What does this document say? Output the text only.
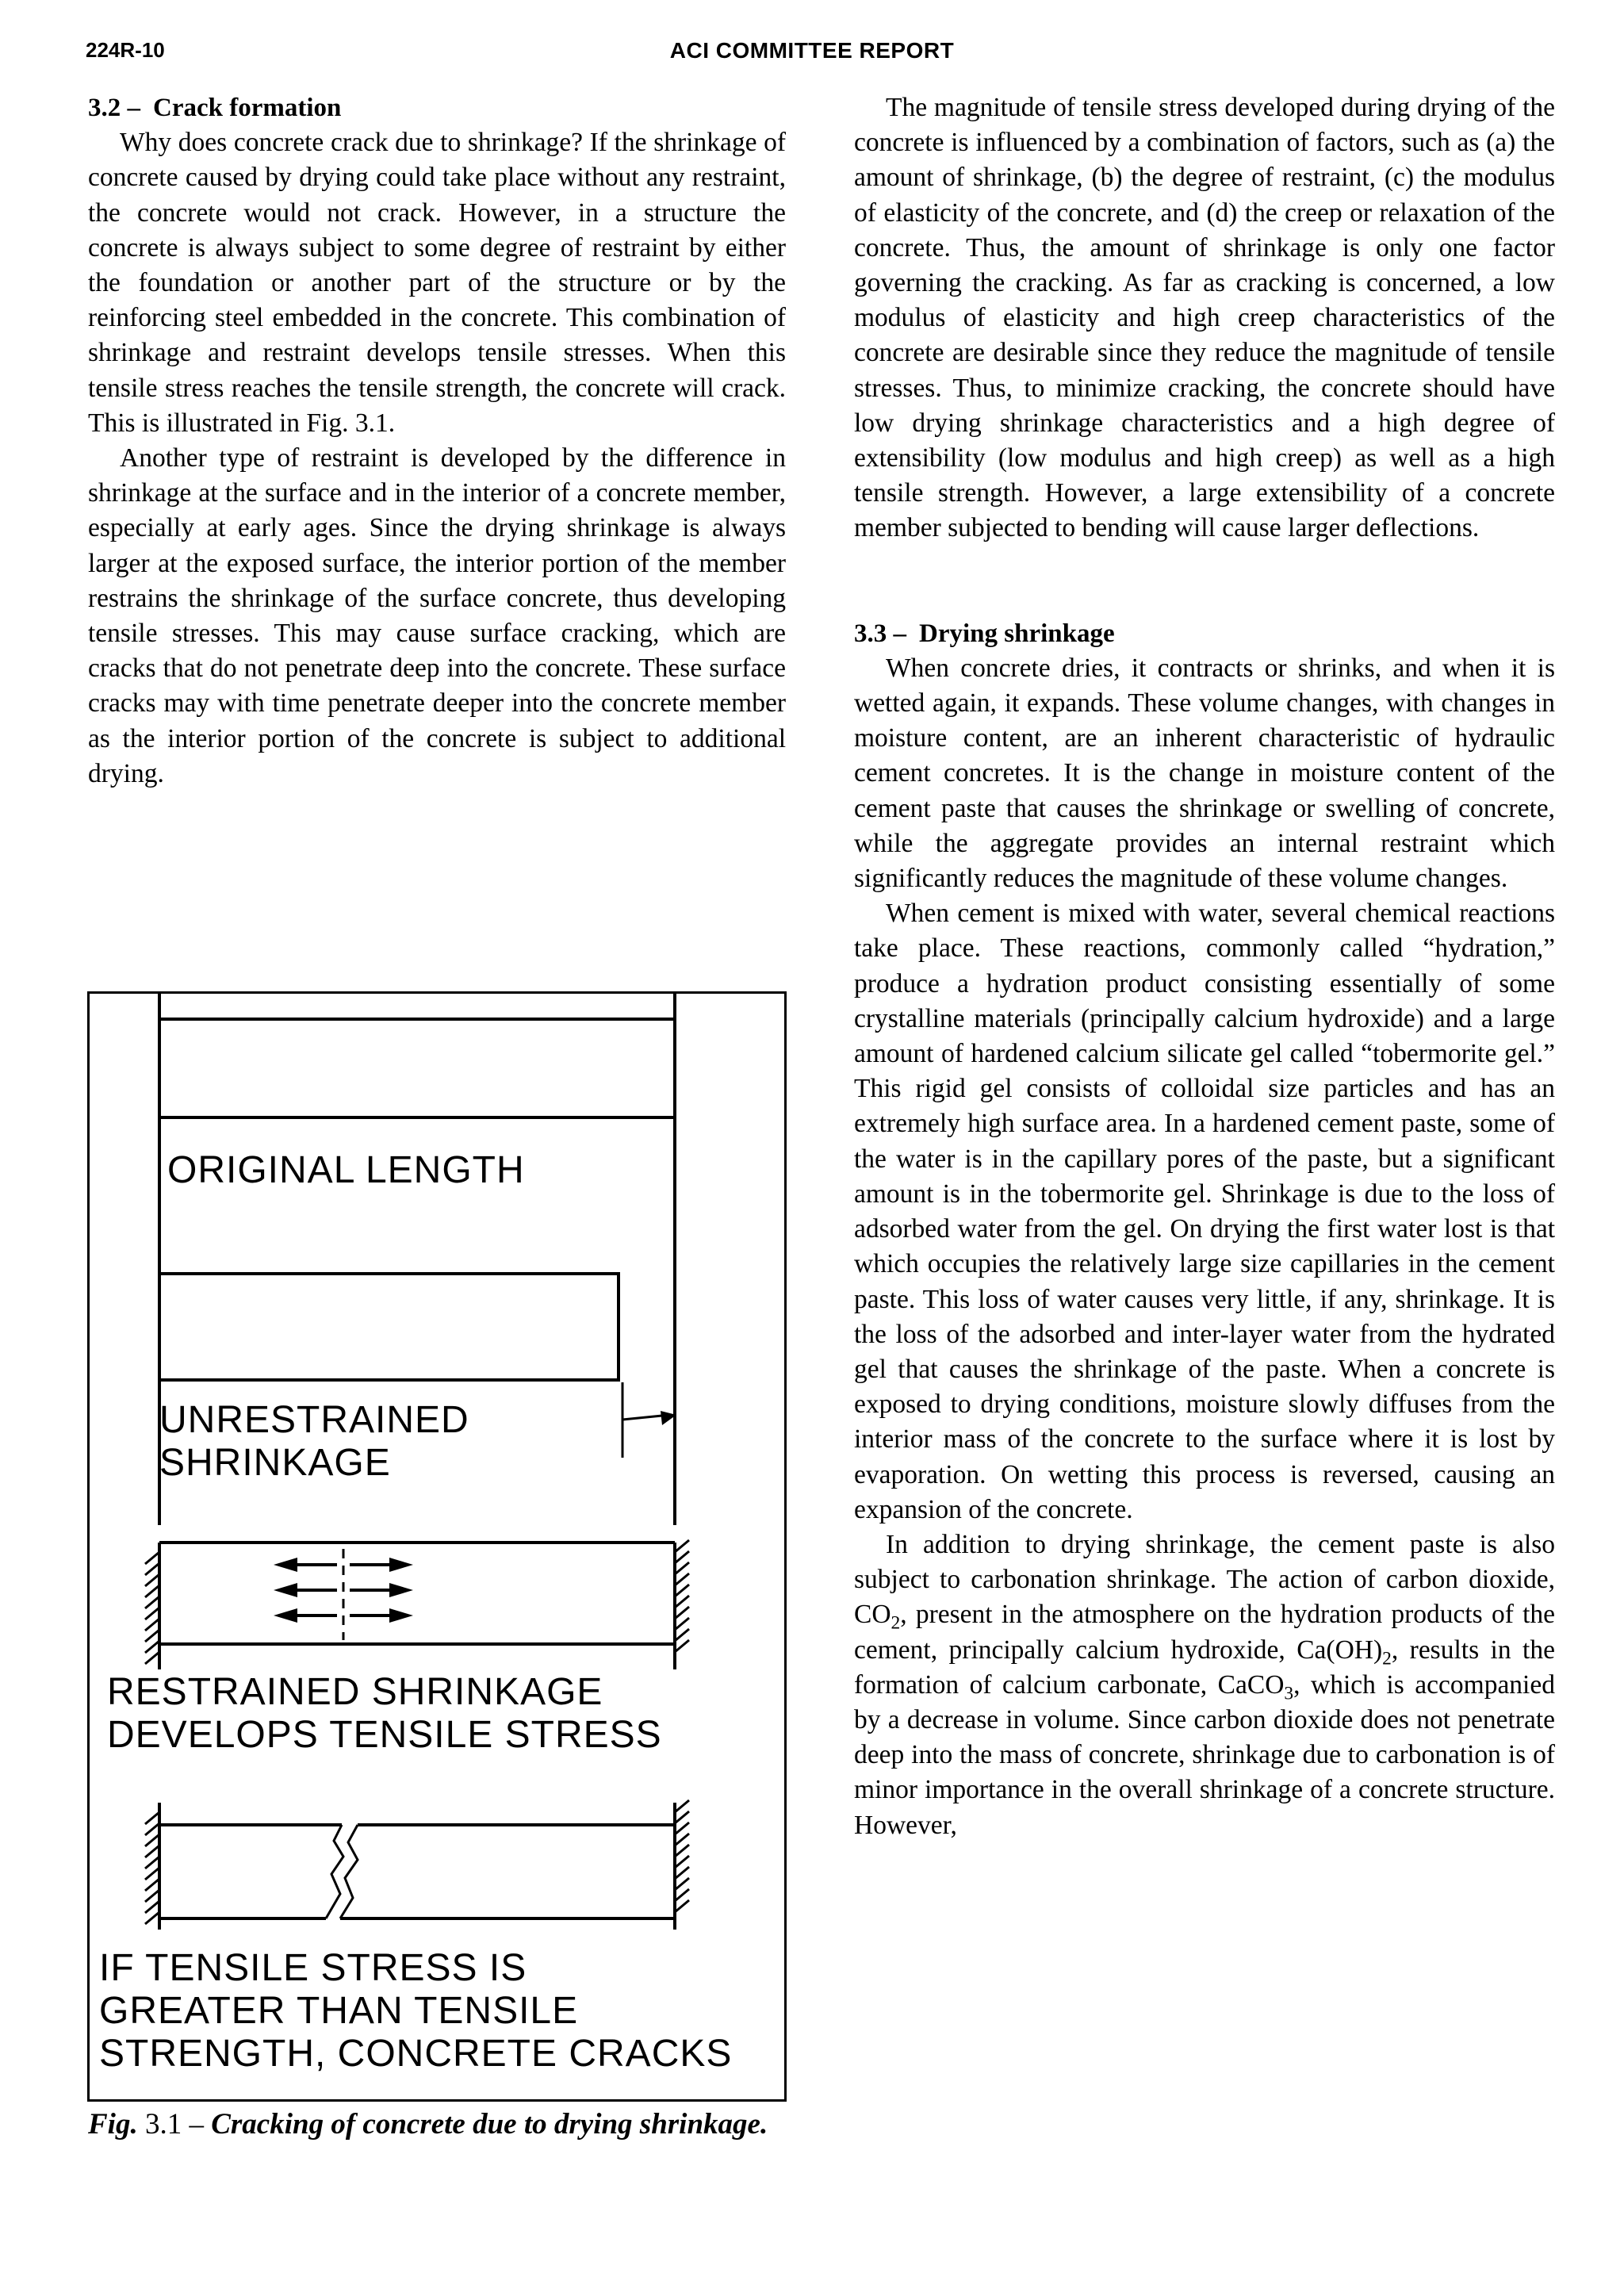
224R-10	ACI COMMITTEE REPORT
3.2 – Crack formation

Why does concrete crack due to shrinkage? If the shrinkage of concrete caused by drying could take place without any restraint, the concrete would not crack. However, in a structure the concrete is always subject to some degree of restraint by either the foundation or another part of the structure or by the reinforcing steel embedded in the concrete. This combination of shrinkage and restraint develops tensile stresses. When this tensile stress reaches the tensile strength, the concrete will crack. This is illustrated in Fig. 3.1.

Another type of restraint is developed by the difference in shrinkage at the surface and in the interior of a concrete member, especially at early ages. Since the drying shrinkage is always larger at the exposed surface, the interior portion of the member restrains the shrinkage of the surface concrete, thus developing tensile stresses. This may cause surface cracking, which are cracks that do not penetrate deep into the concrete. These surface cracks may with time penetrate deeper into the concrete member as the interior portion of the concrete is subject to additional drying.

ORIGINAL LENGTH
UNRESTRAINED
SHRINKAGE
RESTRAINED SHRINKAGE
DEVELOPS TENSILE STRESS
IF TENSILE STRESS IS
GREATER THAN TENSILE
STRENGTH, CONCRETE CRACKS
Fig. 3.1 – Cracking of concrete due to drying shrinkage.

The magnitude of tensile stress developed during drying of the concrete is influenced by a combination of factors, such as (a) the amount of shrinkage, (b) the degree of restraint, (c) the modulus of elasticity of the concrete, and (d) the creep or relaxation of the concrete. Thus, the amount of shrinkage is only one factor governing the cracking. As far as cracking is concerned, a low modulus of elasticity and high creep characteristics of the concrete are desirable since they reduce the magnitude of tensile stresses. Thus, to minimize cracking, the concrete should have low drying shrinkage characteristics and a high degree of extensibility (low modulus and high creep) as well as a high tensile strength. However, a large extensibility of a concrete member subjected to bending will cause larger deflections.

3.3 – Drying shrinkage

When concrete dries, it contracts or shrinks, and when it is wetted again, it expands. These volume changes, with changes in moisture content, are an inherent characteristic of hydraulic cement concretes. It is the change in moisture content of the cement paste that causes the shrinkage or swelling of concrete, while the aggregate provides an internal restraint which significantly reduces the magnitude of these volume changes.

When cement is mixed with water, several chemical reactions take place. These reactions, commonly called “hydration,” produce a hydration product consisting essentially of some crystalline materials (principally calcium hydroxide) and a large amount of hardened calcium silicate gel called “tobermorite gel.” This rigid gel consists of colloidal size particles and has an extremely high surface area. In a hardened cement paste, some of the water is in the capillary pores of the paste, but a significant amount is in the tobermorite gel. Shrinkage is due to the loss of adsorbed water from the gel. On drying the first water lost is that which occupies the relatively large size capillaries in the cement paste. This loss of water causes very little, if any, shrinkage. It is the loss of the adsorbed and inter-layer water from the hydrated gel that causes the shrinkage of the paste. When a concrete is exposed to drying conditions, moisture slowly diffuses from the interior mass of the concrete to the surface where it is lost by evaporation. On wetting this process is reversed, causing an expansion of the concrete.

In addition to drying shrinkage, the cement paste is also subject to carbonation shrinkage. The action of carbon dioxide, $CO_2$, present in the atmosphere on the hydration products of the cement, principally calcium hydroxide, $Ca(OH)_2$, results in the formation of calcium carbonate, CaCO$_3$, which is accompanied by a decrease in volume. Since carbon dioxide does not penetrate deep into the mass of concrete, shrinkage due to carbonation is of minor importance in the overall shrinkage of a concrete structure. However,
